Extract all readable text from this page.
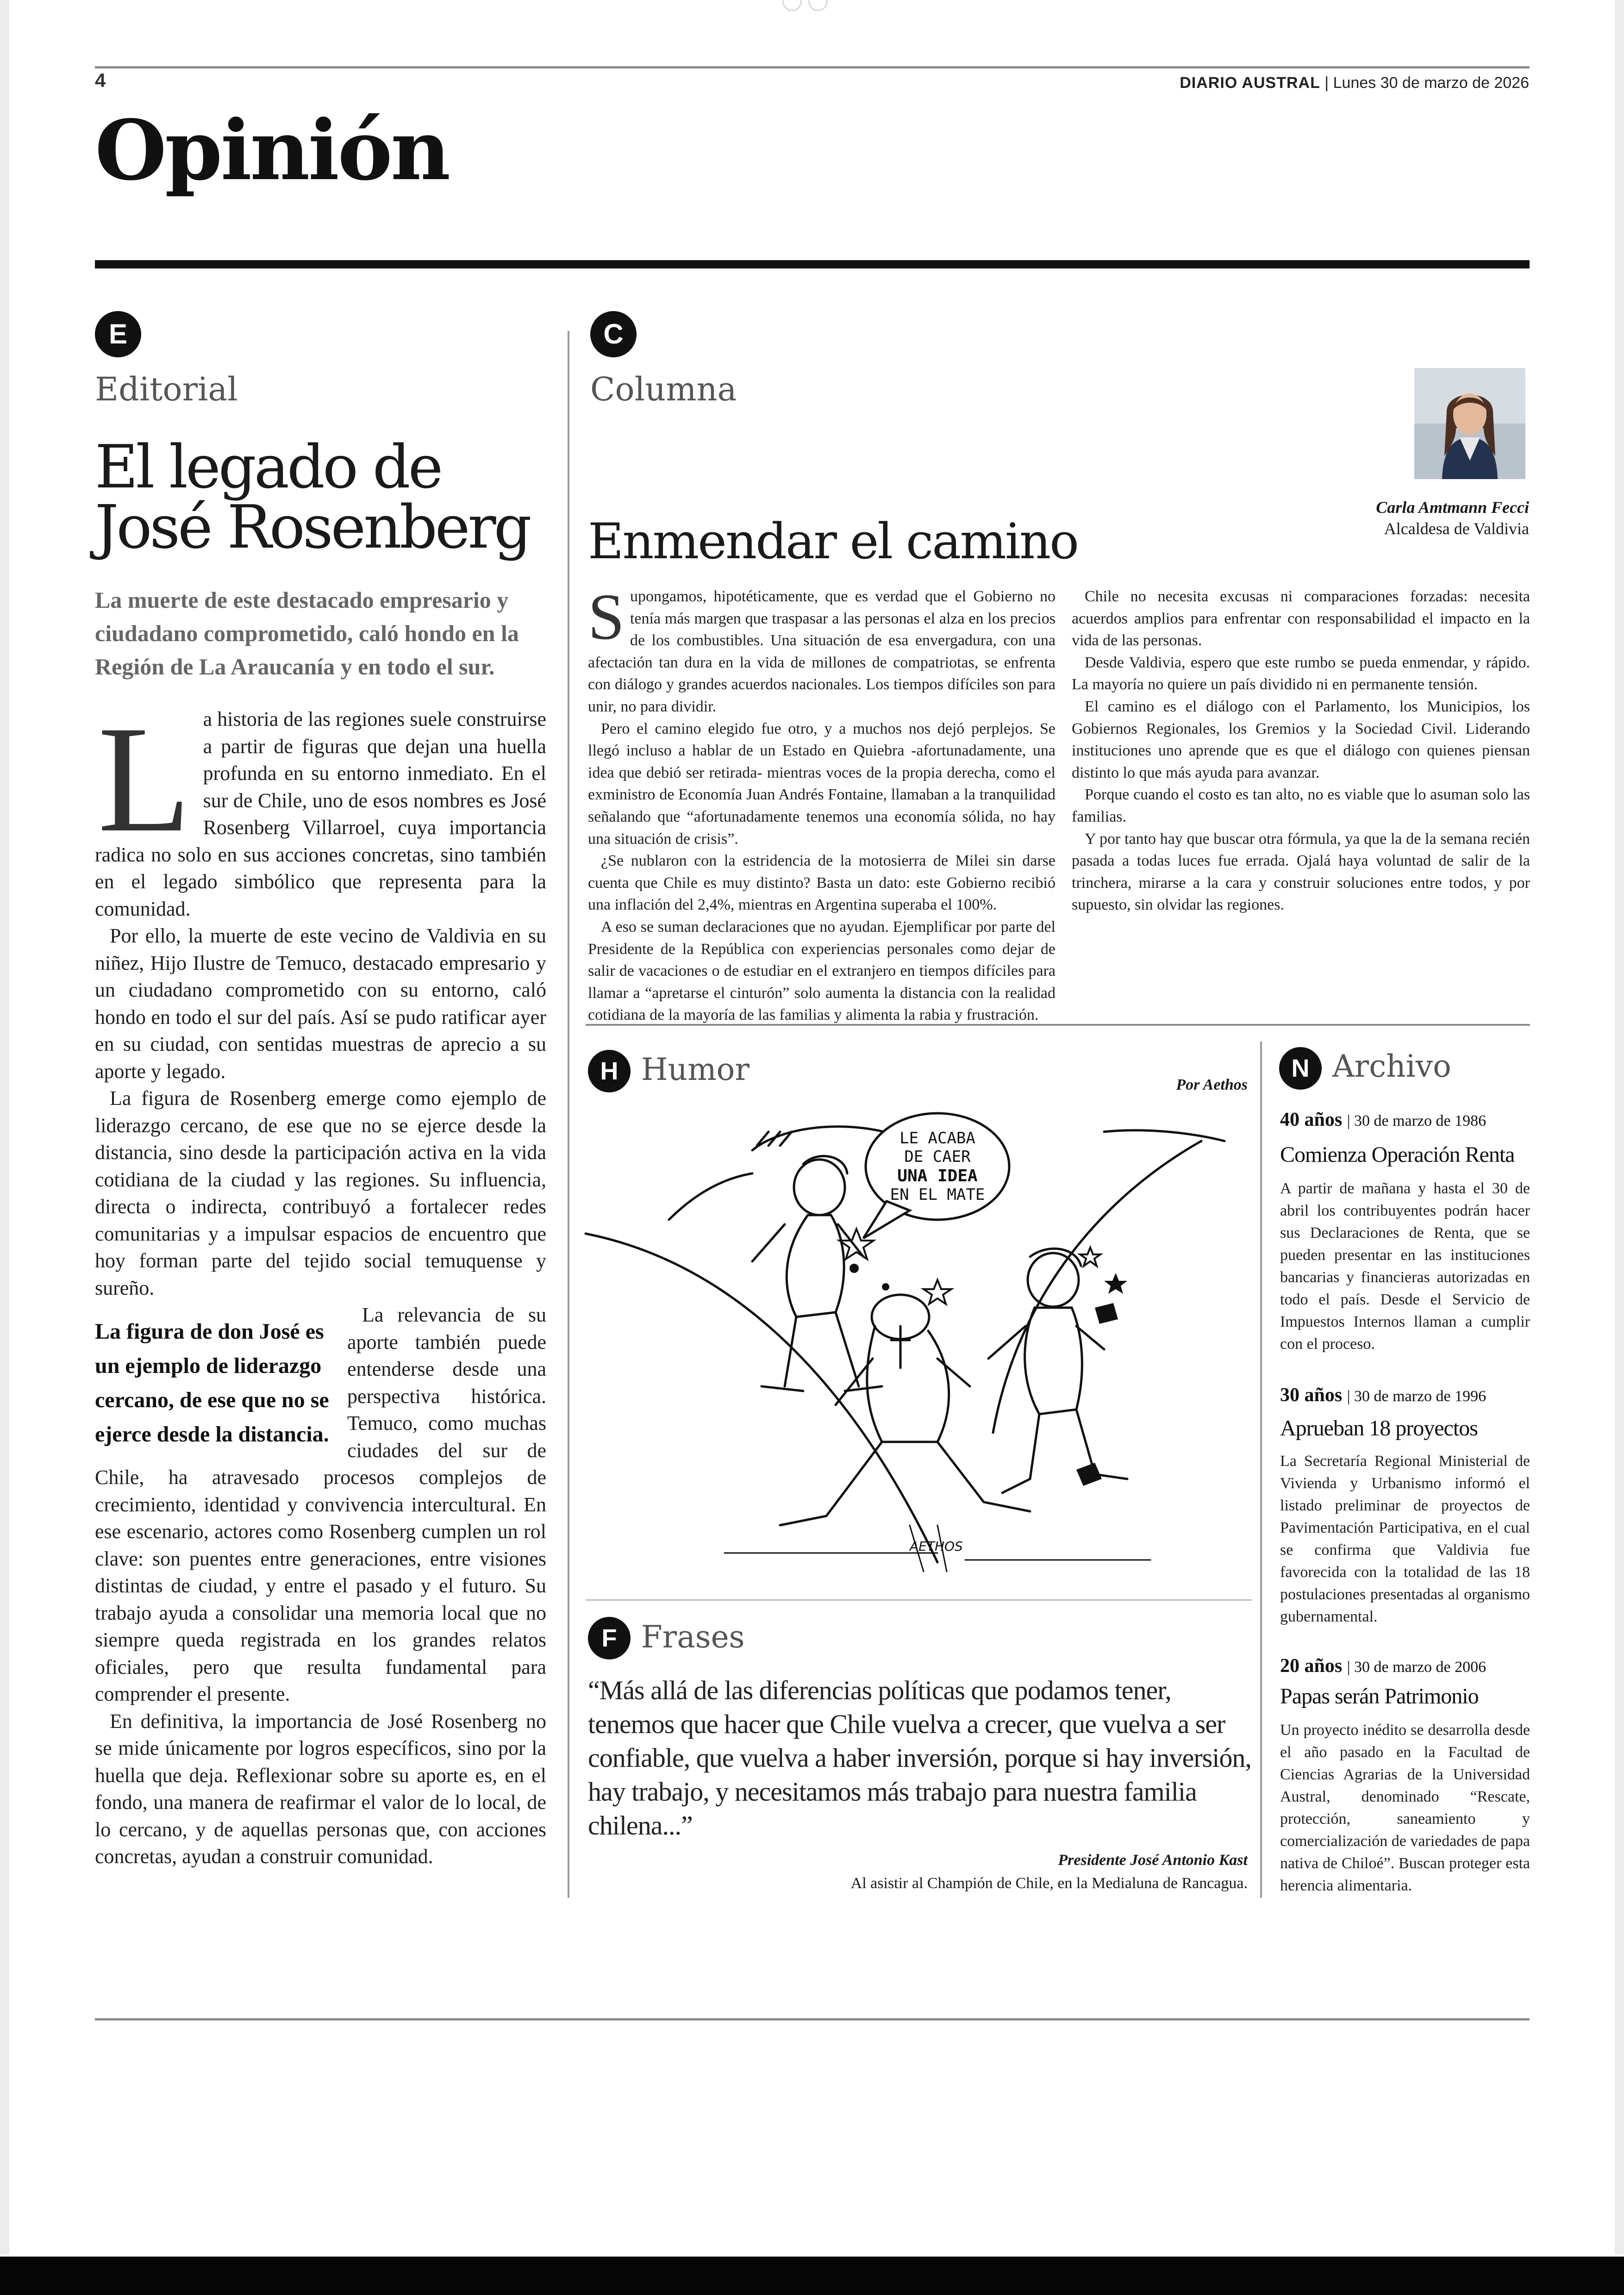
4	DIARIO AUSTRAL | Lunes 30 de marzo de 2026
Opinión
E
Editorial
El legado de
José Rosenberg
La muerte de este destacado empresario y ciudadano comprometido, caló hondo en la Región de La Araucanía y en todo el sur.
L a historia de las regiones suele construirse a partir de figuras que dejan una huella profunda en su entorno inmediato. En el sur de Chile, uno de esos nombres es José Rosenberg Villarroel, cuya importancia radica no solo en sus acciones concretas, sino también en el legado simbólico que representa para la comunidad.

Por ello, la muerte de este vecino de Valdivia en su niñez, Hijo Ilustre de Temuco, destacado empresario y un ciudadano comprometido con su entorno, caló hondo en todo el sur del país. Así se pudo ratificar ayer en su ciudad, con sentidas muestras de aprecio a su aporte y legado.

La figura de Rosenberg emerge como ejemplo de liderazgo cercano, de ese que no se ejerce desde la distancia, sino desde la participación activa en la vida cotidiana de la ciudad y las regiones. Su influencia, directa o indirecta, contribuyó a fortalecer redes comunitarias y a impulsar espacios de encuentro que hoy forman parte del tejido social temuquense y sureño.

La figura de don José es un ejemplo de liderazgo cercano, de ese que no se ejerce desde la distancia.

La relevancia de su aporte también puede entenderse desde una perspectiva histórica. Temuco, como muchas ciudades del sur de Chile, ha atravesado procesos complejos de crecimiento, identidad y convivencia intercultural. En ese escenario, actores como Rosenberg cumplen un rol clave: son puentes entre generaciones, entre visiones distintas de ciudad, y entre el pasado y el futuro. Su trabajo ayuda a consolidar una memoria local que no siempre queda registrada en los grandes relatos oficiales, pero que resulta fundamental para comprender el presente.

En definitiva, la importancia de José Rosenberg no se mide únicamente por logros específicos, sino por la huella que deja. Reflexionar sobre su aporte es, en el fondo, una manera de reafirmar el valor de lo local, de lo cercano, y de aquellas personas que, con acciones concretas, ayudan a construir comunidad.

C
Columna
Carla Amtmann Fecci
Alcaldesa de Valdivia
Enmendar el camino
S upongamos, hipotéticamente, que es verdad que el Gobierno no tenía más margen que traspasar a las personas el alza en los precios de los combustibles. Una situación de esa envergadura, con una afectación tan dura en la vida de millones de compatriotas, se enfrenta con diálogo y grandes acuerdos nacionales. Los tiempos difíciles son para unir, no para dividir.

Pero el camino elegido fue otro, y a muchos nos dejó perplejos. Se llegó incluso a hablar de un Estado en Quiebra -afortunadamente, una idea que debió ser retirada- mientras voces de la propia derecha, como el exministro de Economía Juan Andrés Fontaine, llamaban a la tranquilidad señalando que “afortunadamente tenemos una economía sólida, no hay una situación de crisis”.

¿Se nublaron con la estridencia de la motosierra de Milei sin darse cuenta que Chile es muy distinto? Basta un dato: este Gobierno recibió una inflación del 2,4%, mientras en Argentina superaba el 100%.

A eso se suman declaraciones que no ayudan. Ejemplificar por parte del Presidente de la República con experiencias personales como dejar de salir de vacaciones o de estudiar en el extranjero en tiempos difíciles para llamar a “apretarse el cinturón” solo aumenta la distancia con la realidad cotidiana de la mayoría de las familias y alimenta la rabia y frustración.

Chile no necesita excusas ni comparaciones forzadas: necesita acuerdos amplios para enfrentar con responsabilidad el impacto en la vida de las personas.

Desde Valdivia, espero que este rumbo se pueda enmendar, y rápido. La mayoría no quiere un país dividido ni en permanente tensión.

El camino es el diálogo con el Parlamento, los Municipios, los Gobiernos Regionales, los Gremios y la Sociedad Civil. Liderando instituciones uno aprende que es que el diálogo con quienes piensan distinto lo que más ayuda para avanzar.

Porque cuando el costo es tan alto, no es viable que lo asuman solo las familias.

Y por tanto hay que buscar otra fórmula, ya que la de la semana recién pasada a todas luces fue errada. Ojalá haya voluntad de salir de la trinchera, mirarse a la cara y construir soluciones entre todos, y por supuesto, sin olvidar las regiones.

H Humor	Por Aethos
LE ACABA
DE CAER
UNA IDEA
EN EL MATE
AETHOS
F Frases
“Más allá de las diferencias políticas que podamos tener, tenemos que hacer que Chile vuelva a crecer, que vuelva a ser confiable, que vuelva a haber inversión, porque si hay inversión, hay trabajo, y necesitamos más trabajo para nuestra familia chilena...”
Presidente José Antonio Kast
Al asistir al Champión de Chile, en la Medialuna de Rancagua.
N Archivo
40 años | 30 de marzo de 1986
Comienza Operación Renta
A partir de mañana y hasta el 30 de abril los contribuyentes podrán hacer sus Declaraciones de Renta, que se pueden presentar en las instituciones bancarias y financieras autorizadas en todo el país. Desde el Servicio de Impuestos Internos llaman a cumplir con el proceso.
30 años | 30 de marzo de 1996
Aprueban 18 proyectos
La Secretaría Regional Ministerial de Vivienda y Urbanismo informó el listado preliminar de proyectos de Pavimentación Participativa, en el cual se confirma que Valdivia fue favorecida con la totalidad de las 18 postulaciones presentadas al organismo gubernamental.
20 años | 30 de marzo de 2006
Papas serán Patrimonio
Un proyecto inédito se desarrolla desde el año pasado en la Facultad de Ciencias Agrarias de la Universidad Austral, denominado “Rescate, protección, saneamiento y comercialización de variedades de papa nativa de Chiloé”. Buscan proteger esta herencia alimentaria.
